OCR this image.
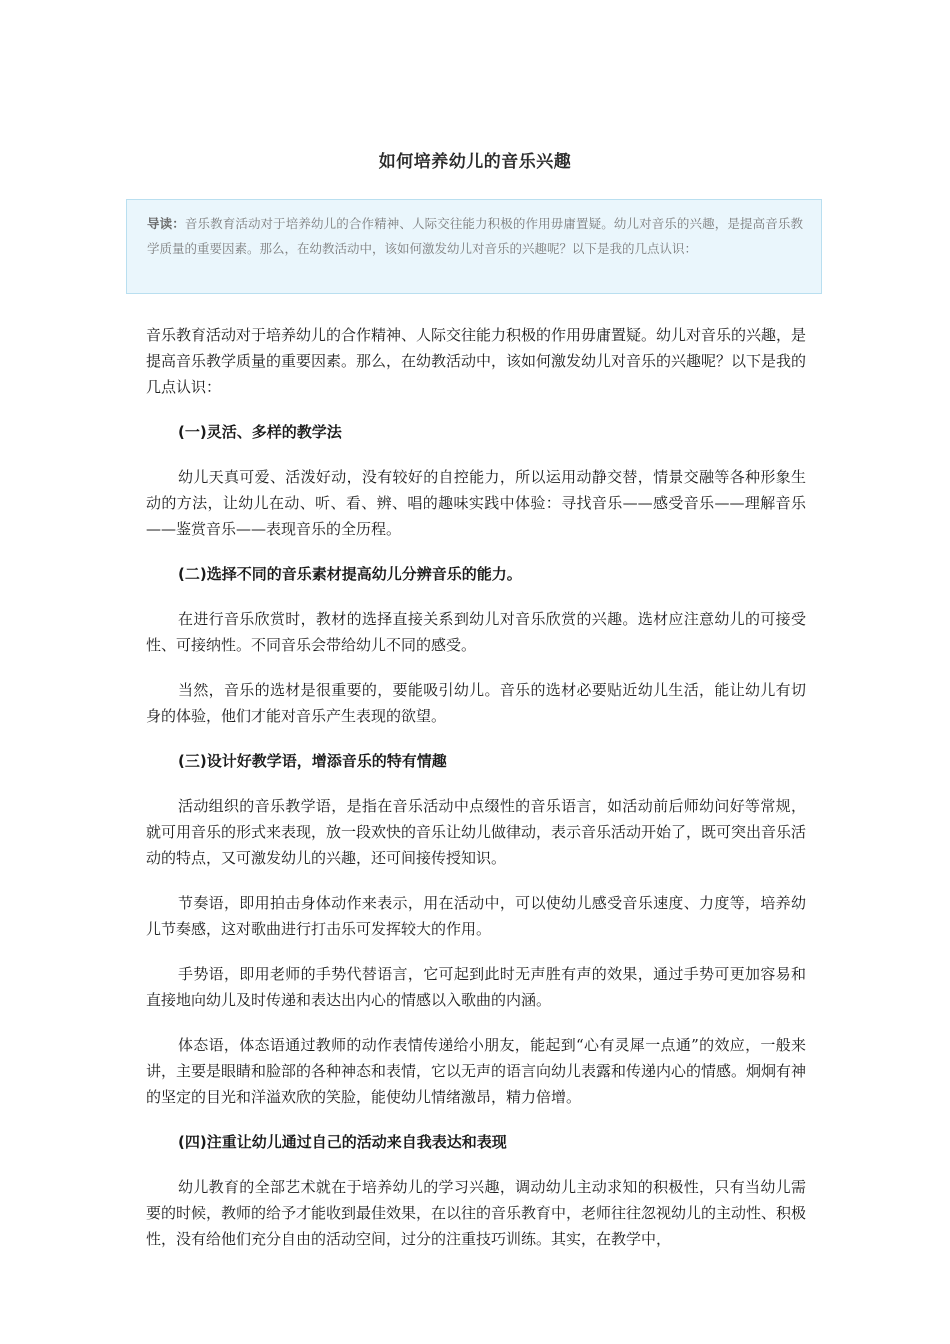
如何培养幼儿的音乐兴趣
导读：音乐教育活动对于培养幼儿的合作精神、人际交往能力积极的作用毋庸置疑。幼儿对音乐的兴趣，是提高音乐教学质量的重要因素。那么，在幼教活动中，该如何激发幼儿对音乐的兴趣呢？以下是我的几点认识：

音乐教育活动对于培养幼儿的合作精神、人际交往能力积极的作用毋庸置疑。幼儿对音乐的兴趣，是提高音乐教学质量的重要因素。那么，在幼教活动中，该如何激发幼儿对音乐的兴趣呢？以下是我的几点认识：

(一)灵活、多样的教学法

幼儿天真可爱、活泼好动，没有较好的自控能力，所以运用动静交替，情景交融等各种形象生动的方法，让幼儿在动、听、看、辨、唱的趣味实践中体验：寻找音乐——感受音乐——理解音乐——鉴赏音乐——表现音乐的全历程。

(二)选择不同的音乐素材提高幼儿分辨音乐的能力。

在进行音乐欣赏时，教材的选择直接关系到幼儿对音乐欣赏的兴趣。选材应注意幼儿的可接受性、可接纳性。不同音乐会带给幼儿不同的感受。

当然，音乐的选材是很重要的，要能吸引幼儿。音乐的选材必要贴近幼儿生活，能让幼儿有切身的体验，他们才能对音乐产生表现的欲望。

(三)设计好教学语，增添音乐的特有情趣

活动组织的音乐教学语，是指在音乐活动中点缀性的音乐语言，如活动前后师幼问好等常规，就可用音乐的形式来表现，放一段欢快的音乐让幼儿做律动，表示音乐活动开始了，既可突出音乐活动的特点，又可激发幼儿的兴趣，还可间接传授知识。

节奏语，即用拍击身体动作来表示，用在活动中，可以使幼儿感受音乐速度、力度等，培养幼儿节奏感，这对歌曲进行打击乐可发挥较大的作用。

手势语，即用老师的手势代替语言，它可起到此时无声胜有声的效果，通过手势可更加容易和直接地向幼儿及时传递和表达出内心的情感以入歌曲的内涵。

体态语，体态语通过教师的动作表情传递给小朋友，能起到“心有灵犀一点通”的效应，一般来讲，主要是眼睛和脸部的各种神态和表情，它以无声的语言向幼儿表露和传递内心的情感。炯炯有神的坚定的目光和洋溢欢欣的笑脸，能使幼儿情绪激昂，精力倍增。

(四)注重让幼儿通过自己的活动来自我表达和表现

幼儿教育的全部艺术就在于培养幼儿的学习兴趣，调动幼儿主动求知的积极性，只有当幼儿需要的时候，教师的给予才能收到最佳效果，在以往的音乐教育中，老师往往忽视幼儿的主动性、积极性，没有给他们充分自由的活动空间，过分的注重技巧训练。其实，在教学中，
